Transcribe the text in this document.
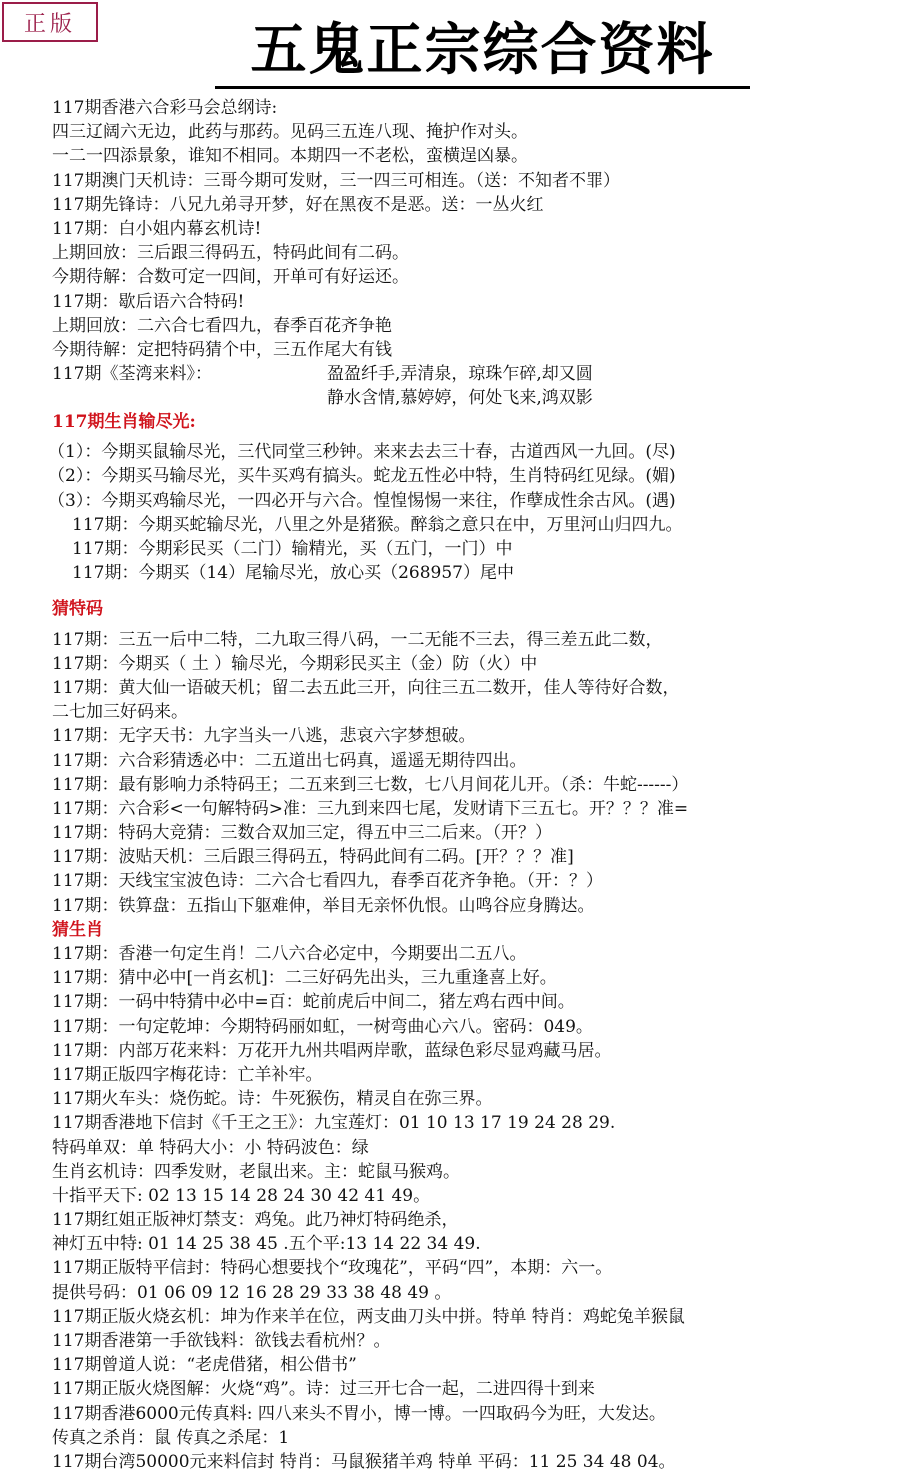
正版	五鬼正宗综合资料
117期香港六合彩马会总纲诗:
四三辽阔六无边，此药与那药。见码三五连八现、掩护作对头。
一二一四添景象，谁知不相同。本期四一不老松，蛮横逞凶暴。
117期澳门天机诗：三哥今期可发财，三一四三可相连。（送：不知者不罪）
117期先锋诗：八兄九弟寻开梦，好在黑夜不是恶。送：一丛火红
117期：白小姐内幕玄机诗!
上期回放：三后跟三得码五，特码此间有二码。
今期待解：合数可定一四间，开单可有好运还。
117期：歇后语六合特码!
上期回放：二六合七看四九，春季百花齐争艳
今期待解：定把特码猜个中，三五作尾大有钱
117期《荃湾来料》：	盈盈纤手,弄清泉，琼珠乍碎,却又圆
静水含情,慕婷婷，何处飞来,鸿双影
117期生肖输尽光:
（1）：今期买鼠输尽光，三代同堂三秒钟。来来去去三十春，古道西风一九回。(尽)
（2）：今期买马输尽光，买牛买鸡有搞头。蛇龙五性必中特，生肖特码红见绿。(媚)
（3）：今期买鸡输尽光，一四必开与六合。惶惶惕惕一来往，作孽成性余古风。(遇)
117期：今期买蛇输尽光，八里之外是猪猴。醉翁之意只在中，万里河山归四九。
117期：今期彩民买（二门）输精光，买（五门，一门）中
117期：今期买（14）尾输尽光，放心买（268957）尾中
猜特码
117期：三五一后中二特，二九取三得八码，一二无能不三去，得三差五此二数，
117期：今期买（ 土 ）输尽光，今期彩民买主（金）防（火）中
117期：黄大仙一语破天机；留二去五此三开，向往三五二数开，佳人等待好合数，
二七加三好码来。
117期：无字天书：九字当头一八逃，悲哀六字梦想破。
117期：六合彩猜透必中：二五道出七码真，遥遥无期待四出。
117期：最有影响力杀特码王；二五来到三七数，七八月间花儿开。（杀：牛蛇------）
117期：六合彩<一句解特码>准：三九到来四七尾，发财请下三五七。开？？？准=
117期：特码大竞猜：三数合双加三定，得五中三二后来。（开？）
117期：波贴天机：三后跟三得码五，特码此间有二码。[开？？？准]
117期：天线宝宝波色诗：二六合七看四九，春季百花齐争艳。（开：？）
117期：铁算盘：五指山下躯难伸，举目无亲怀仇恨。山鸣谷应身腾达。
猜生肖
117期：香港一句定生肖！二八六合必定中，今期要出二五八。
117期：猜中必中[一肖玄机]：二三好码先出头，三九重逢喜上好。
117期：一码中特猜中必中=百：蛇前虎后中间二，猪左鸡右西中间。
117期：一句定乾坤：今期特码丽如虹，一树弯曲心六八。密码：049。
117期：内部万花来料：万花开九州共唱两岸歌，蓝绿色彩尽显鸡藏马居。
117期正版四字梅花诗：亡羊补牢。
117期火车头：烧伤蛇。诗：牛死猴伤，精灵自在弥三界。
117期香港地下信封《千王之王》：九宝莲灯：01 10 13 17 19 24 28 29.
特码单双：单 特码大小：小 特码波色：绿
生肖玄机诗：四季发财，老鼠出来。主：蛇鼠马猴鸡。
十指平天下: 02 13 15 14 28 24 30 42 41 49。
117期红姐正版神灯禁支：鸡兔。此乃神灯特码绝杀，
神灯五中特: 01 14 25 38 45 .五个平:13 14 22 34 49.
117期正版特平信封：特码心想要找个“玫瑰花”，平码“四”，本期：六一。
提供号码：01 06 09 12 16 28 29 33 38 48 49 。
117期正版火烧玄机：坤为作来羊在位，两支曲刀头中拼。特单 特肖：鸡蛇兔羊猴鼠
117期香港第一手欲钱料：欲钱去看杭州？。
117期曾道人说：“老虎借猪，相公借书”
117期正版火烧图解：火烧“鸡”。诗：过三开七合一起，二进四得十到来
117期香港6000元传真料: 四八来头不胃小，博一博。一四取码今为旺，大发达。
传真之杀肖：鼠 传真之杀尾：1
117期台湾50000元来料信封 特肖：马鼠猴猪羊鸡 特单 平码：11 25 34 48 04。
